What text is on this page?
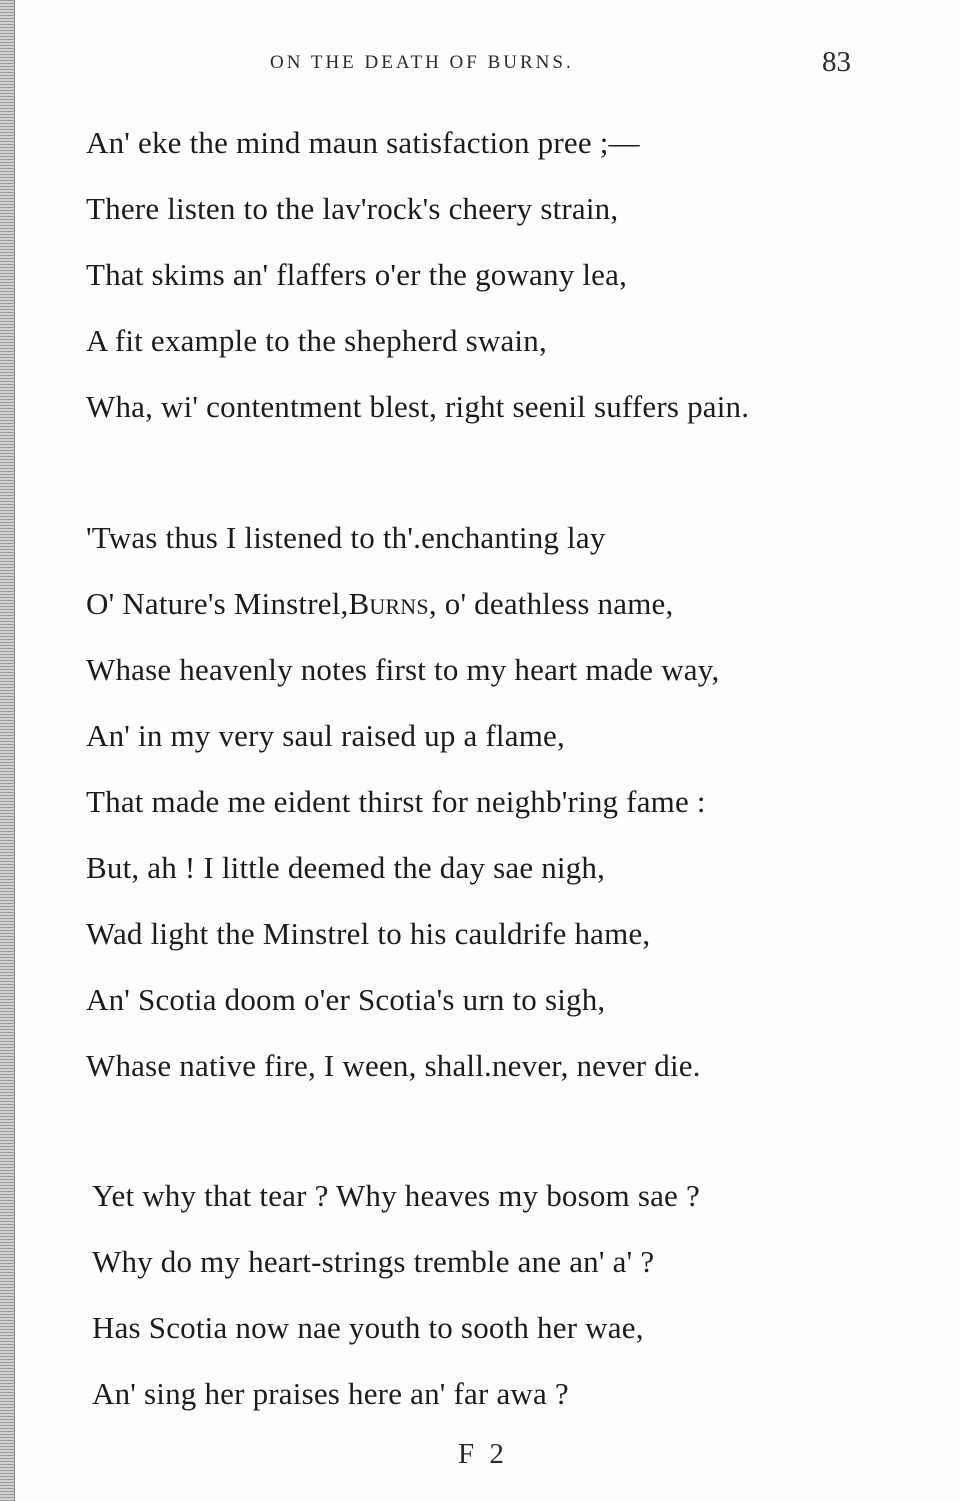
ON THE DEATH OF BURNS.	83
An' eke the mind maun satisfaction pree ;—
There listen to the lav'rock's cheery strain,
That skims an' flaffers o'er the gowany lea,
A fit example to the shepherd swain,
Wha, wi' contentment blest, right seenil suffers pain.
'Twas thus I listened to th'.enchanting lay
O' Nature's Minstrel,Burns, o' deathless name,
Whase heavenly notes first to my heart made way,
An' in my very saul raised up a flame,
That made me eident thirst for neighb'ring fame :
But, ah ! I little deemed the day sae nigh,
Wad light the Minstrel to his cauldrife hame,
An' Scotia doom o'er Scotia's urn to sigh,
Whase native fire, I ween, shall.never, never die.
Yet why that tear ? Why heaves my bosom sae ?
Why do my heart-strings tremble ane an' a' ?
Has Scotia now nae youth to sooth her wae,
An' sing her praises here an' far awa ?
F 2
